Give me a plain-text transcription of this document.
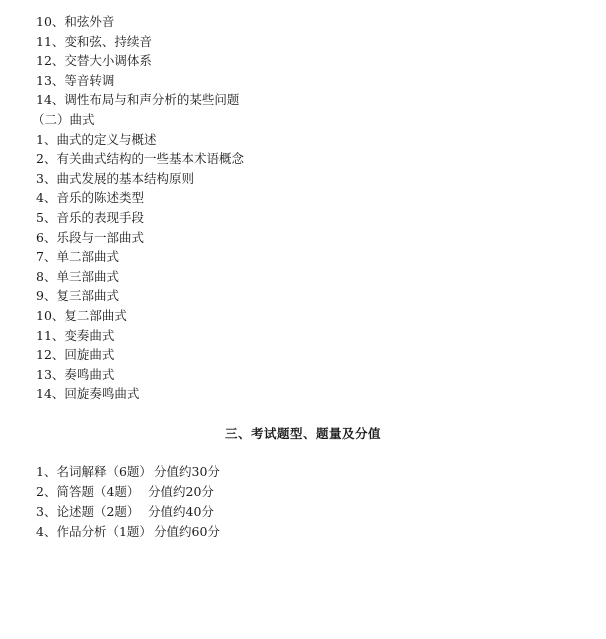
10、和弦外音
11、变和弦、持续音
12、交替大小调体系
13、等音转调
14、调性布局与和声分析的某些问题
（二）曲式
1、曲式的定义与概述
2、有关曲式结构的一些基本术语概念
3、曲式发展的基本结构原则
4、音乐的陈述类型
5、音乐的表现手段
6、乐段与一部曲式
7、单二部曲式
8、单三部曲式
9、复三部曲式
10、复二部曲式
11、变奏曲式
12、回旋曲式
13、奏鸣曲式
14、回旋奏鸣曲式
三、考试题型、题量及分值
1、名词解释（6题） 分值约30分
2、简答题（4题） 分值约20分
3、论述题（2题） 分值约40分
4、作品分析（1题） 分值约60分
